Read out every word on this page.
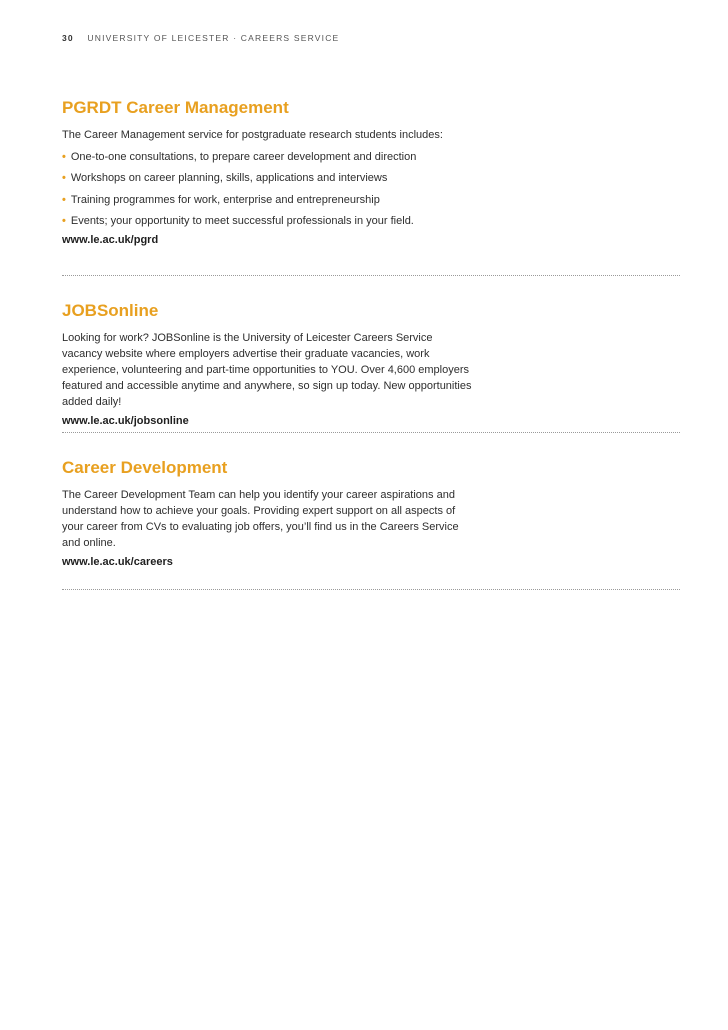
30 UNIVERSITY OF LEICESTER · CAREERS SERVICE
PGRDT Career Management

The Career Management service for postgraduate research students includes:

• One-to-one consultations, to prepare career development and direction
• Workshops on career planning, skills, applications and interviews
• Training programmes for work, enterprise and entrepreneurship
• Events; your opportunity to meet successful professionals in your field.
www.le.ac.uk/pgrd
JOBSonline

Looking for work? JOBSonline is the University of Leicester Careers Service vacancy website where employers advertise their graduate vacancies, work experience, volunteering and part-time opportunities to YOU. Over 4,600 employers featured and accessible anytime and anywhere, so sign up today. New opportunities added daily!

www.le.ac.uk/jobsonline
Career Development

The Career Development Team can help you identify your career aspirations and understand how to achieve your goals. Providing expert support on all aspects of your career from CVs to evaluating job offers, you’ll find us in the Careers Service and online.

www.le.ac.uk/careers
